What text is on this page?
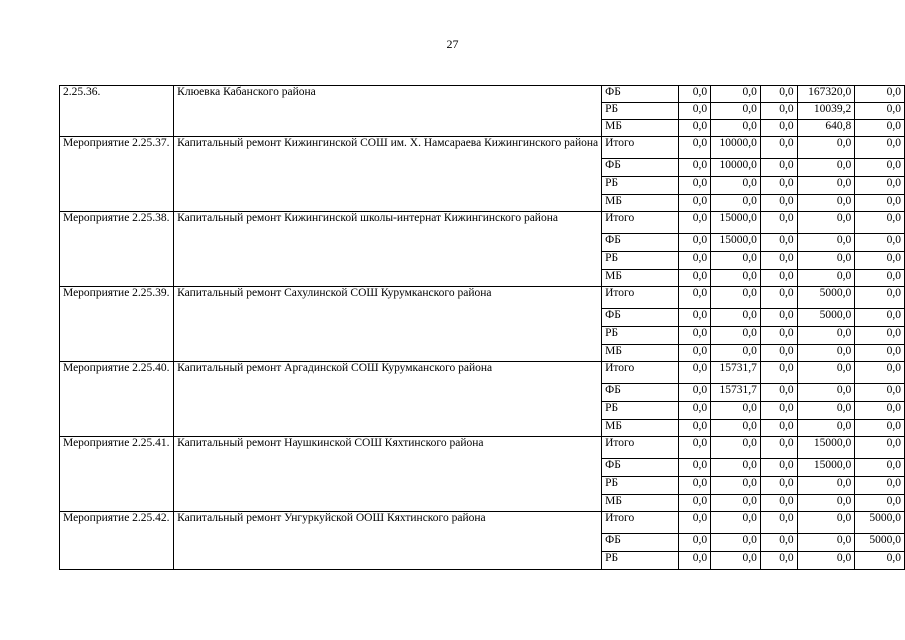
27
2.25.36.	Клюевка Кабанского района	ФБ	0,0	0,0	0,0	167320,0	0,0
		РБ	0,0	0,0	0,0	10039,2	0,0
		МБ	0,0	0,0	0,0	640,8	0,0
Мероприятие 2.25.37.	Капитальный ремонт Кижингинской СОШ им. Х. Намсараева Кижингинского района	Итого	0,0	10000,0	0,0	0,0	0,0
		ФБ	0,0	10000,0	0,0	0,0	0,0
		РБ	0,0	0,0	0,0	0,0	0,0
		МБ	0,0	0,0	0,0	0,0	0,0
Мероприятие 2.25.38.	Капитальный ремонт Кижингинской школы-интернат Кижингинского района	Итого	0,0	15000,0	0,0	0,0	0,0
		ФБ	0,0	15000,0	0,0	0,0	0,0
		РБ	0,0	0,0	0,0	0,0	0,0
		МБ	0,0	0,0	0,0	0,0	0,0
Мероприятие 2.25.39.	Капитальный ремонт Сахулинской СОШ Курумканского района	Итого	0,0	0,0	0,0	5000,0	0,0
		ФБ	0,0	0,0	0,0	5000,0	0,0
		РБ	0,0	0,0	0,0	0,0	0,0
		МБ	0,0	0,0	0,0	0,0	0,0
Мероприятие 2.25.40.	Капитальный ремонт Аргадинской СОШ Курумканского района	Итого	0,0	15731,7	0,0	0,0	0,0
		ФБ	0,0	15731,7	0,0	0,0	0,0
		РБ	0,0	0,0	0,0	0,0	0,0
		МБ	0,0	0,0	0,0	0,0	0,0
Мероприятие 2.25.41.	Капитальный ремонт Наушкинской СОШ Кяхтинского района	Итого	0,0	0,0	0,0	15000,0	0,0
		ФБ	0,0	0,0	0,0	15000,0	0,0
		РБ	0,0	0,0	0,0	0,0	0,0
		МБ	0,0	0,0	0,0	0,0	0,0
Мероприятие 2.25.42.	Капитальный ремонт Унгуркуйской ООШ Кяхтинского района	Итого	0,0	0,0	0,0	0,0	5000,0
		ФБ	0,0	0,0	0,0	0,0	5000,0
		РБ	0,0	0,0	0,0	0,0	0,0
